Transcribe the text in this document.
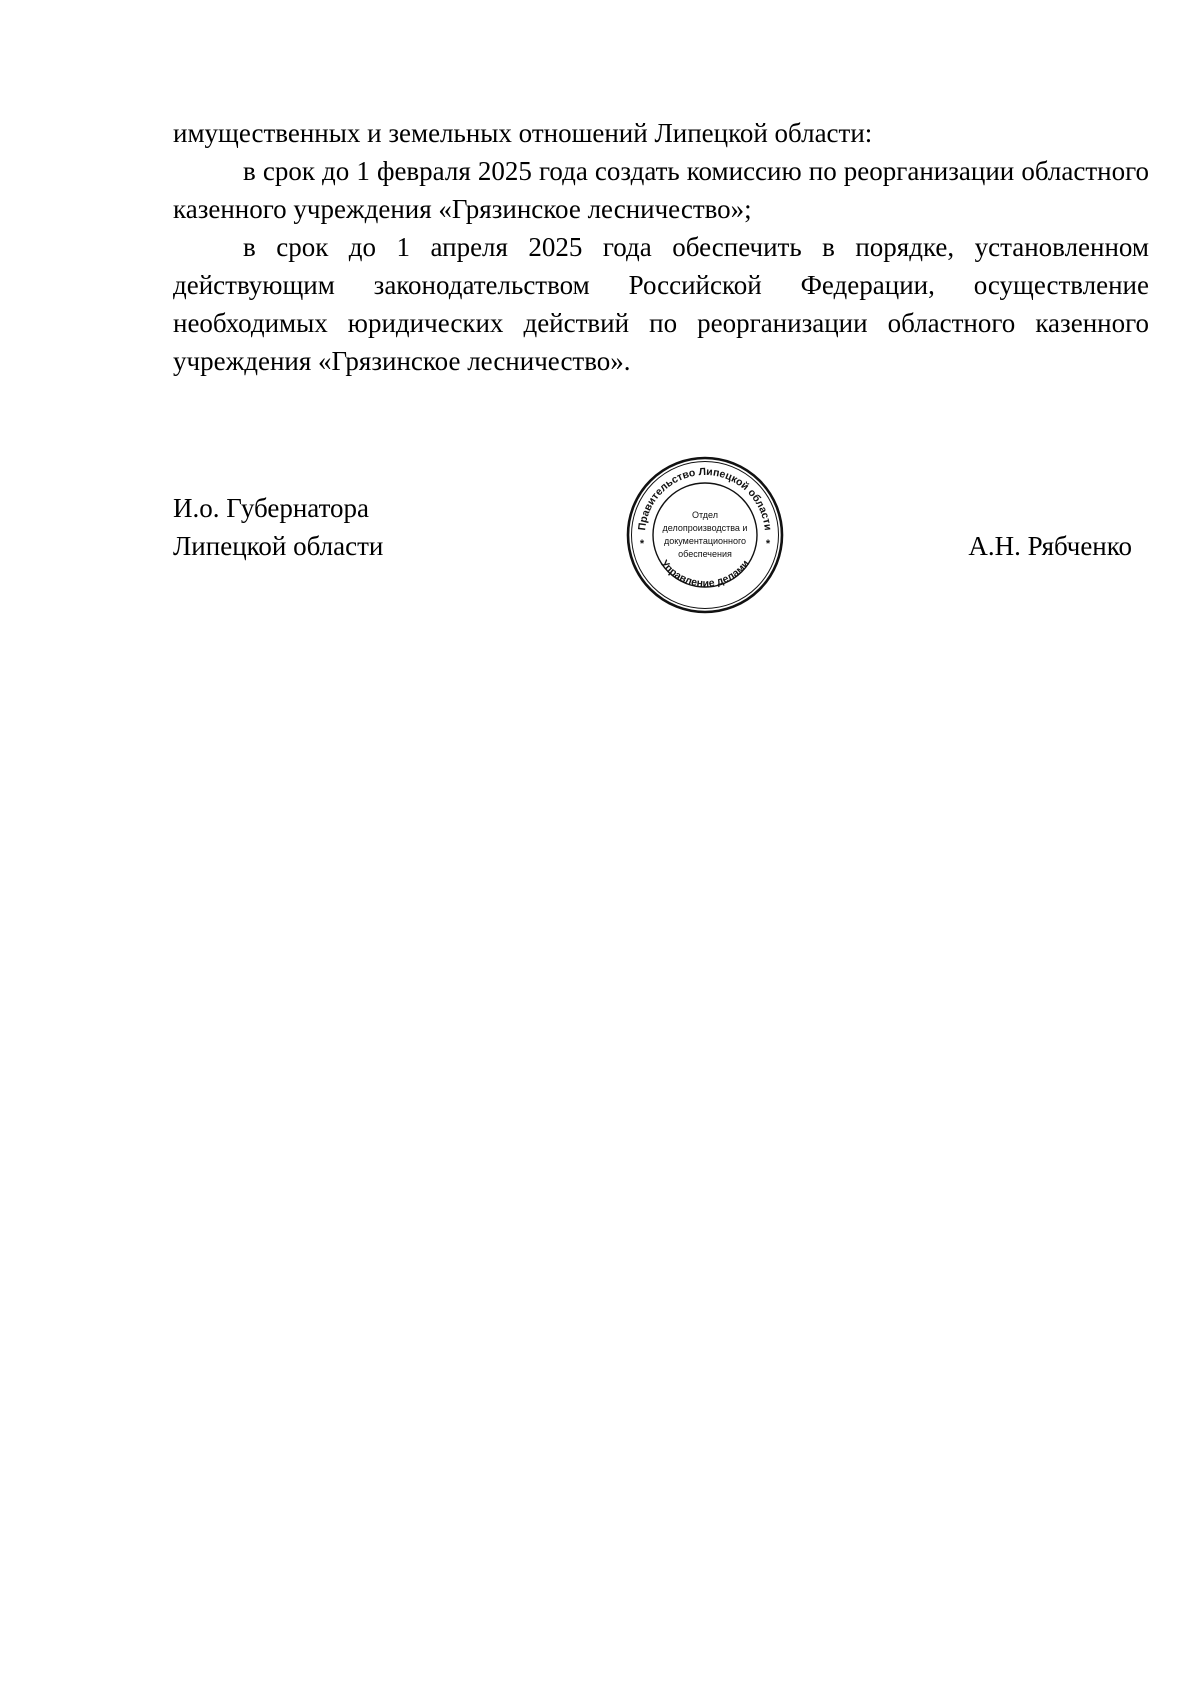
имущественных и земельных отношений Липецкой области:

в срок до 1 февраля 2025 года создать комиссию по реорганизации областного казенного учреждения «Грязинское лесничество»;

в срок до 1 апреля 2025 года обеспечить в порядке, установленном действующим законодательством Российской Федерации, осуществление необходимых юридических действий по реорганизации областного казенного учреждения «Грязинское лесничество».

И.о. Губернатора
Липецкой области
Правительство Липецкой области
Управление делами
*	*
Отдел
делопроизводства и
документационного
обеспечения	А.Н. Рябченко
